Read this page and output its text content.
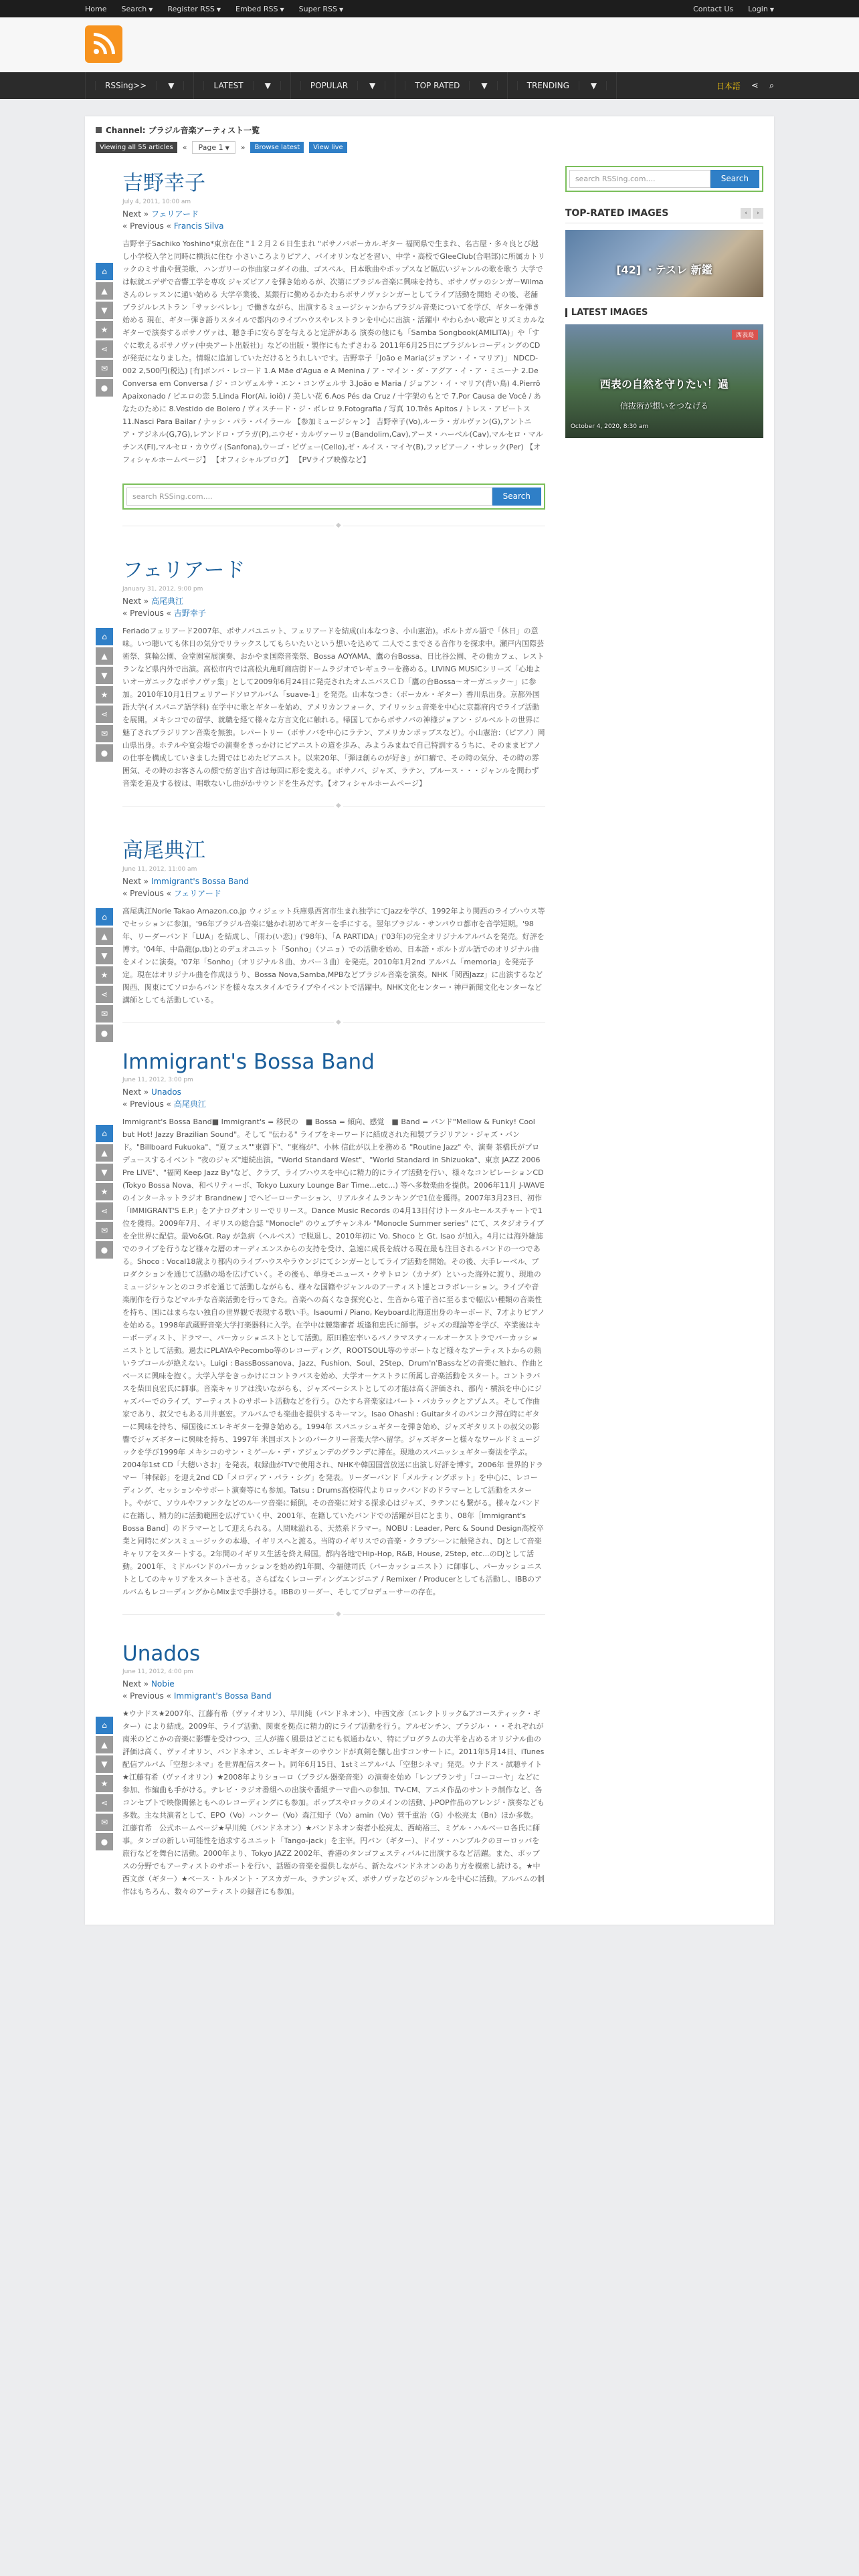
Home Search ▼ Register RSS ▼ Embed RSS ▼ Super RSS ▼	Contact Us Login ▼
RSSing>>	▼	LATEST	▼	POPULAR	▼	TOP RATED	▼	TRENDING	▼	日本語 ⋖ ⌕
Channel: ブラジル音楽アーティスト一覧
Viewing all 55 articles	«	Page 1 ▼	»	Browse latest	View live
吉野幸子
July 4, 2011, 10:00 am
Next » フェリアード
« Previous « Francis Silva
⌂
▲
▼
★
⋖
✉
●
吉野幸子Sachiko Yoshino*東京在住 "１２月２６日生まれ "ボサノバボーカル.ギター 福岡県で生まれ、名古屋・多々良とび越し小学校入学と同時に横浜に住む 小さいころよりピアノ、バイオリンなどを習い、中学・高校でGleeClub(合唱部)に所属カトリックのミサ曲や賛美歌、ハンガリーの作曲家コダイの曲、ゴスペル、日本歌曲やポップスなど幅広いジャンルの歌を歌う 大学では転就エデザで音響工学を専攻 ジャズピアノを弾き始めるが、次第にブラジル音楽に興味を持ち、ボサノヴァのシンガーWilmaさんのレッスンに通い始める 大学卒業後、某銀行に勤めるかたわらボサノヴァシンガーとしてライブ活動を開始 その後、老舗ブラジルレストラン「サッシペレレ」で働きながら、出演するミュージシャンからブラジル音楽についてを学び、ギターを弾き始める 現在、ギター弾き語りスタイルで都内のライブハウスやレストランを中心に出演・活躍中 やわらかい歌声とリズミカルなギターで演奏するボサノヴァは、聴き手に安らぎを与えると定評がある 演奏の他にも「Samba Songbook(AMILITA)」や「すぐに歌えるボサノヴァ(中央アート出版社)」などの出版・製作にもたずさわる 2011年6月25日にブラジルレコーディングのCDが発売になりました。情報に追加していただけるとうれしいです。吉野幸子「João e Maria(ジョアン・イ・マリア)」 NDCD-002 2,500円(税込) [有]ボンバ・レコード 1.A Mãe d'Agua e A Menina / ア・マイン・ダ・アグア・イ・ア・ミニーナ 2.De Conversa em Conversa / ジ・コンヴェルサ・エン・コンヴェルサ 3.João e Maria / ジョアン・イ・マリア(青い鳥) 4.Pierrô Apaixonado / ピエロの恋 5.Linda Flor(Ai, ioiô) / 美しい花 6.Aos Pés da Cruz / 十字架のもとで 7.Por Causa de Você / あなたのために 8.Vestido de Bolero / ヴィスチード・ジ・ボレロ 9.Fotografia / 写真 10.Três Apitos / トレス・アピートス 11.Nasci Para Bailar / ナッシ・パラ・バイラール 【参加ミュージシャン】 吉野幸子(Vo),ルーラ・ガルヴァン(G),アントニア・アジネル(G,7G),レアンドロ・ブラガ(P),ニウゼ・カルヴァーリョ(Bandolim,Cav),アーヌ・ハーベル(Cav),マルセロ・マルチンス(Fl),マルセロ・カウヴィ(Sanfona),ウーゴ・ピヴェー(Cello),ゼ・ルイス・マイヤ(B),ファビアーノ・サレック(Per) 【オフィシャルホームページ】 【オフィシャルブログ】 【PVライブ映像など】
search RSSing.com....	Search
◆
フェリアード
January 31, 2012, 9:00 pm
Next » 高尾典江
« Previous « 吉野幸子
⌂
▲
▼
★
⋖
✉
●
Feriadoフェリアード2007年、ボサノバユニット、フェリアードを結成(山本なつき、小山憲治)。ポルトガル語で「休日」の意味。いつ聴いても休日の気分でリラックスしてもらいたいという想いを込めて 二人でこまでさる音作りを探求中。瀬戸内国際芸術祭、箕輪公園、金堂園室展演奏、おかやま国際音楽祭、Bossa AOYAMA、鷹の台Bossa、日比谷公園、その他カフェ、レストランなど県内外で出演。高松市内では高松丸亀町商店街ドームラジオでレギュラーを務める。LIVING MUSICシリーズ「心地よいオーガニックなボサノヴァ集」として2009年6月24日に発売されたオムニバスＣＤ「鷹の台Bossa～オーガニック～」に参加。2010年10月1日フェリアードソロアルバム「suave-1」を発売。山本なつき：（ボーカル・ギター）香川県出身。京都外国語大学(イスパニア語学科) 在学中に歌とギターを始め、アメリカンフォーク、アイリッシュ音楽を中心に京都府内でライブ活動を展開。メキシコでの留学、就職を経て様々な方言文化に触れる。帰国してからボサノバの神様ジョアン・ジルベルトの世界に魅了されブラジリアン音楽を無独。レパートリー（ボサノバを中心にラテン、アメリカンポップスなど）。小山憲治：（ピアノ）岡山県出身。ホテルや宴会場での演奏をきっかけにピアニストの道を歩み、みようみまねで自己特訓するうちに、そのままピアノの仕事を構成していきました間ではじめたピアニスト。以来20年、「弾ほ創らのが好き」が口癖で、その時の気分、その時の雰囲気、その時のお客さんの顔で紡ぎ出す音は毎回に形を変える。ボサノバ、ジャズ、ラテン、ブルース・・・ジャンルを問わず音楽を追及する彼は、唱歌ないし曲がかサウンドを生みだす。【オフィシャルホームページ】
◆
高尾典江
June 11, 2012, 11:00 am
Next » Immigrant's Bossa Band
« Previous « フェリアード
⌂
▲
▼
★
⋖
✉
●
高尾典江Norie Takao Amazon.co.jp ウィジェット兵庫県西宮市生まれ独学にてJazzを学び、1992年より関西のライブハウス等でセッションに参加。'96年ブラジル音楽に魅かれ初めてギターを手にする。翌年ブラジル・サンパウロ都市を音学短期。'98年、リーダーバンド「LUA」を結成し、「雨わ(い恋)」('98年)、「A PARTIDA」('03年)の完全オリジナルアルバムを発売。好評を博す。'04年、中島龍(p,tb)とのデュオユニット「Sonho」（ソニョ）での活動を始め、日本語・ポルトガル語でのオリジナル曲をメインに演奏。'07年「Sonho」（オリジナル８曲、カバー３曲）を発売。2010年1月2nd アルバム「memoria」を発売予定。現在はオリジナル曲を作成ほうり、Bossa Nova,Samba,MPBなどブラジル音楽を演奏。NHK「関西Jazz」に出演するなど関西、関東にてソロからバンドを様々なスタイルでライブやイベントで活躍中。NHK文化センター・神戸新聞文化センターなど講師としても活動している。
◆
Immigrant's Bossa Band
June 11, 2012, 3:00 pm
Next » Unados
« Previous « 高尾典江
⌂
▲
▼
★
⋖
✉
●
Immigrant's Bossa Band■ Immigrant's = 移民の　■ Bossa = 傾向、感覚　■ Band = バンド"Mellow & Funky! Cool but Hot! Jazzy Brazilian Sound"。そして "伝わる" ライブをキーワードに結成された和製ブラジリアン・ジャズ・バンド。"Billboard Fukuoka"、"夏フェス""東御下"、"東梅が"、小林 信此が以上を務める "Routine Jazz" や、演奏 茶橋氏がプロデュースするイベント "夜のジャズ"連続出演。"World Standard West"、"World Standard in Shizuoka"、東京 JAZZ 2006 Pre LIVE"、"福岡 Keep Jazz By"など、クラブ、ライブハウスを中心に精力的にライブ活動を行い、様々なコンピレーションCD (Tokyo Bossa Nova、和ペリティーボ、Tokyo Luxury Lounge Bar Time…etc...) 等へ多数楽曲を提供。2006年11月 J-WAVE のインターネットラジオ Brandnew J でヘビーローテーション、リアルタイムランキングで1位を獲得。2007年3月23日、初作「IMMIGRANT'S E.P.」をアナログオンリーでリリース。Dance Music Records の4月13日付けトータルセールスチャートで1位を獲得。2009年7月、イギリスの総合誌 "Monocle" のウェブチャンネル "Monocle Summer series" にて、スタジオライブを全世界に配信。最Vo&Gt. Ray が急病（ヘルペス）で脱退し、2010年初に Vo. Shoco と Gt. Isao が加入。4月には海外雑誌でのライブを行うなど様々な層のオーディエンスからの支持を受け、急速に成長を続ける現在最も注目されるバンドの一つである。Shoco : Vocal18歳より都内のライブハウスやラウンジにてシンガーとしてライブ活動を開始。その後、大手レーベル、プロダクションを通じて活動の場を広げていく。その後も、単身モニュース・クサトロン（カナダ）といった海外に渡り、現地のミュージシャンとのコラボを通じて活動しながらも、様々な国籍やジャンルのアーティスト達とコラボレーション。ライブや音楽制作を行うなどマルチな音楽活動を行ってきた。音楽への高くなき探究心と、生音から電子音に至るまで幅広い種類の音楽性を持ち、国にはまらない独自の世界観で表現する歌い手。Isaoumi / Piano, Keyboard北海道出身のキーボード、7才よりピアノを始める。1998年武蔵野音楽大学打楽器科に入学。在学中は競築審者 坂逢和忠氏に師事。ジャズの理論等を学び、卒業後はキーボーディスト、ドラマー、パーカッショニストとして活動。原田雅宏率いるパノラマスティールオーケストラでパーカッショニストとして活動。過去にPLAYAやPecombo等のレコーディング、ROOTSOUL等のサポートなど様々なアーティストからの熱いラブコールが絶えない。Luigi : BassBossanova、Jazz、Fushion、Soul、2Step、Drum'n'Bassなどの音楽に触れ、作曲とベースに興味を抱く。大学入学をきっかけにコントラバスを始め、大学オーケストラに所属し音楽活動をスタート。コントラバスを柴田良宏氏に師事。音楽キャリアは浅いながらも、ジャズベーシストとしての才能は高く評価され、都内・横浜を中心にジャズバーでのライブ、アーティストのサポート活動などを行う。ひたすら音楽家はバート・パカラックとアゾムス。そして作曲家であり、叔父でもある川井惠宏。アルバムでも楽曲を提供するキーマン。Isao Ohashi : Guitarタイのパンコク滞在時にギターに興味を持ち、帰国後にエレキギターを弾き始める。1994年 スパニッシュギターを弾き始め、ジャズギタリストの叔父の影響でジャズギターに興味を持ち、1997年 米国ボストンのバークリー音楽大学へ留学。ジャズギターと様々なワールドミュージックを学び1999年 メキシコのサン・ミゲール・デ・アジェンデのグランデに滞在。現地のスパニッシュギター奏法を学ぶ。2004年1st CD「大穂いさお」を発表。収録曲がTVで使用され、NHKや韓国国営放送に出演し好評を博す。2006年 世界的ドラマー「神保彰」を迎え2nd CD「メロディア・パラ・シグ」を発表。リーダーバンド「メルティングポット」を中心に、レコーディング、セッションやサポート演奏等にも参加。Tatsu : Drums高校時代よりロックバンドのドラマーとして活動をスタート。やがて、ソウルやファンクなどのルーツ音楽に傾倒。その音楽に対する探求心はジャズ、ラテンにも繋がる。様々なバンドに在籍し、精力的に活動範囲を広げていく中、2001年、在籍していたバンドでの活躍が目にとまり、08年［Immigrant's Bossa Band］のドラマーとして迎えられる。人間味溢れる、天然系ドラマー。NOBU : Leader, Perc & Sound Design高校卒業と同時にダンスミュージックの本場、イギリスへと渡る。当時のイギリスでの音楽・クラブシーンに触発され、DJとして音楽キャリアをスタートする。2年間のイギリス生活を終え帰国。都内各地でHip-Hop, R&B, House, 2Step, etc...のDJとして活動。2001年、ミドルバンドのパーカッションを始め約1年間、今福健司氏（パーカッショニスト）に師事し、パーカッショニストとしてのキャリアをスタートさせる。さらばなくレコーディングエンジニア / Remixer / Producerとしても活動し、IBBのアルバムもレコーディングからMixまで手掛ける。IBBのリーダー、そしてプロデューサーの存在。
◆
Unados
June 11, 2012, 4:00 pm
Next » Nobie
« Previous « Immigrant's Bossa Band
⌂
▲
▼
★
⋖
✉
●
★ウナドス★2007年、江藤有希（ヴァイオリン）、早川純（バンドネオン）、中西文彦（エレクトリック&アコースティック・ギター）により結成。2009年、ライブ活動、関東を拠点に精力的にライブ活動を行う。アルゼンチン、ブラジル・・・それぞれが南米のどこかの音楽に影響を受けつつ、三人が描く風景はどこにも似通わない、特にプログラムの大半を占めるオリジナル曲の評価は高く、ヴァイオリン、バンドネオン、エレキギターのサウンドが真剣を醸し出すコンサートに。2011年5月14日、iTunes配信アルバム「空想シネマ」を世界配信スタート。同年6月15日、1stミニアルバム「空想シネマ」発売。ウナドス・試聴サイト★江藤有希（ヴァイオリン）★2008年よりショーロ（ブラジル器楽音楽）の演奏を始め「レンブランサ」「コーコーヤ」などに参加、作編曲も手がける。テレビ・ラジオ番組への出演や番組テーマ曲への参加、TV-CM、アニメ作品のサントラ制作など、各コンセプトで映像関係ともへのレコーディングにも参加。ポップスやロックのメインの活動、J-POP作品のアレンジ・演奏なども多数。主な共演者として、EPO（Vo）ハンクー（Vo）森江知子（Vo）amin（Vo）菅千重治（G）小松亮太（Bn）ほか多数。江藤有希　公式ホームページ★早川純（バンドネオン）★バンドネオン奏者小松亮太、西崎裕三、ミゲル・ハルベーロ各氏に師事。タンゴの新しい可能性を追求するユニット「Tango-jack」を主宰。円バン（ギター）、ドイツ・ハンブルクのヨーロッパを旅行などを舞台に活動。2000年より、Tokyo JAZZ 2002年、香港のタンゴフェスティバルに出演するなど活躍。また、ポップスの分野でもアーティストのサポートを行い、話題の音楽を提供しながら、新たなバンドネオンのあり方を模索し続ける。★中西文彦（ギター）★ベース・トルメント・アスカガール、ラテンジャズ、ボサノヴァなどのジャンルを中心に活動。アルバムの制作はもちろん、数々のアーティストの録音にも参加。
search RSSing.com....	Search
TOP-RATED IMAGES	‹	›
[42] ・テスレ 新鑑
LATEST IMAGES
西表島
西表の自然を守りたい！過
October 4, 2020, 8:30 am
信抜術が想いをつなげる
